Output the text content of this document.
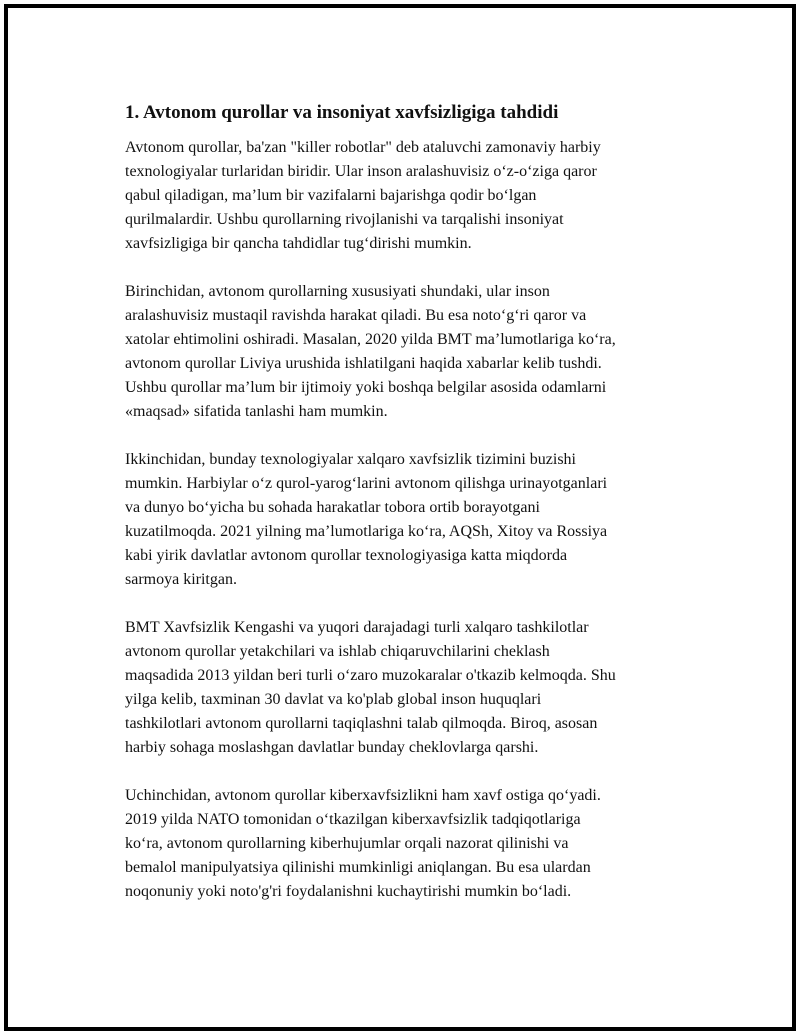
1. Avtonom qurollar va insoniyat xavfsizligiga tahdidi

Avtonom qurollar, ba'zan "killer robotlar" deb ataluvchi zamonaviy harbiy
texnologiyalar turlaridan biridir. Ular inson aralashuvisiz o‘z-o‘ziga qaror
qabul qiladigan, ma’lum bir vazifalarni bajarishga qodir bo‘lgan
qurilmalardir. Ushbu qurollarning rivojlanishi va tarqalishi insoniyat
xavfsizligiga bir qancha tahdidlar tug‘dirishi mumkin.

Birinchidan, avtonom qurollarning xususiyati shundaki, ular inson
aralashuvisiz mustaqil ravishda harakat qiladi. Bu esa noto‘g‘ri qaror va
xatolar ehtimolini oshiradi. Masalan, 2020 yilda BMT ma’lumotlariga ko‘ra,
avtonom qurollar Liviya urushida ishlatilgani haqida xabarlar kelib tushdi.
Ushbu qurollar ma’lum bir ijtimoiy yoki boshqa belgilar asosida odamlarni
«maqsad» sifatida tanlashi ham mumkin.

Ikkinchidan, bunday texnologiyalar xalqaro xavfsizlik tizimini buzishi
mumkin. Harbiylar o‘z qurol-yarog‘larini avtonom qilishga urinayotganlari
va dunyo bo‘yicha bu sohada harakatlar tobora ortib borayotgani
kuzatilmoqda. 2021 yilning ma’lumotlariga ko‘ra, AQSh, Xitoy va Rossiya
kabi yirik davlatlar avtonom qurollar texnologiyasiga katta miqdorda
sarmoya kiritgan.

BMT Xavfsizlik Kengashi va yuqori darajadagi turli xalqaro tashkilotlar
avtonom qurollar yetakchilari va ishlab chiqaruvchilarini cheklash
maqsadida 2013 yildan beri turli o‘zaro muzokaralar o'tkazib kelmoqda. Shu
yilga kelib, taxminan 30 davlat va ko'plab global inson huquqlari
tashkilotlari avtonom qurollarni taqiqlashni talab qilmoqda. Biroq, asosan
harbiy sohaga moslashgan davlatlar bunday cheklovlarga qarshi.

Uchinchidan, avtonom qurollar kiberxavfsizlikni ham xavf ostiga qo‘yadi.
2019 yilda NATO tomonidan o‘tkazilgan kiberxavfsizlik tadqiqotlariga
ko‘ra, avtonom qurollarning kiberhujumlar orqali nazorat qilinishi va
bemalol manipulyatsiya qilinishi mumkinligi aniqlangan. Bu esa ulardan
noqonuniy yoki noto'g'ri foydalanishni kuchaytirishi mumkin bo‘ladi.
